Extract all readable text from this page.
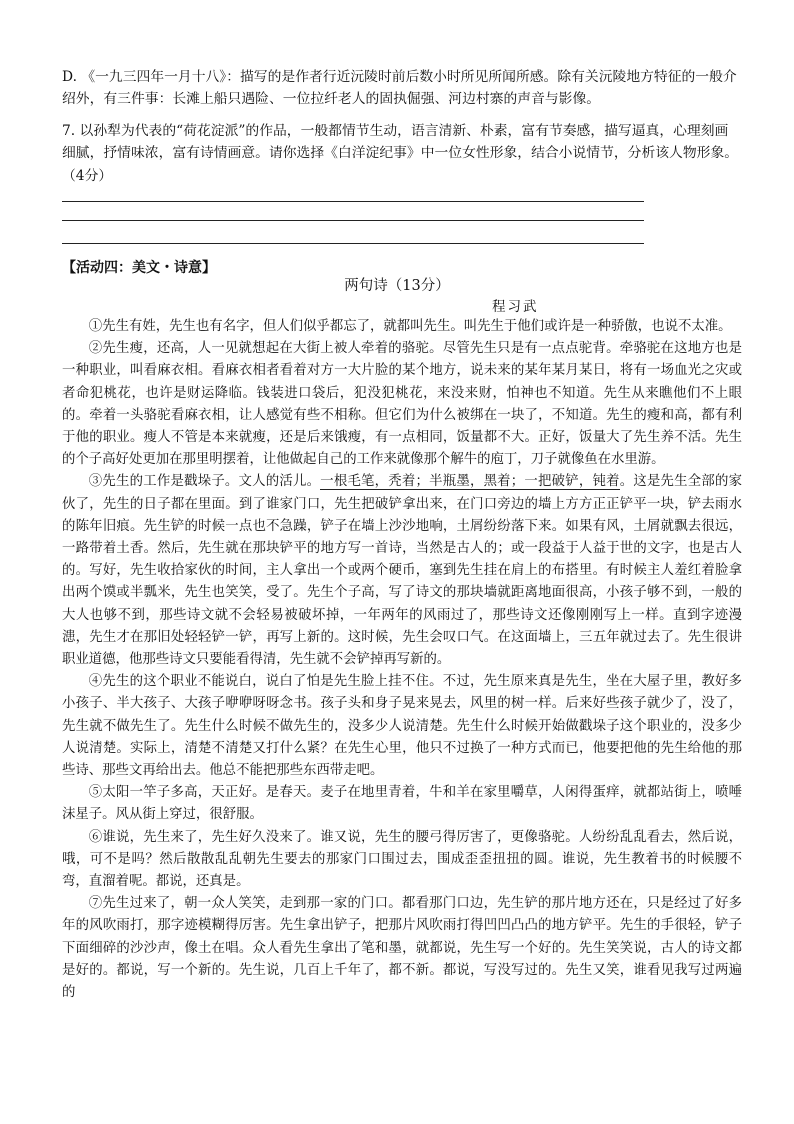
D. 《一九三四年一月十八》：描写的是作者行近沅陵时前后数小时所见所闻所感。除有关沅陵地方特征的一般介绍外，有三件事：长滩上船只遇险、一位拉纤老人的固执倔强、河边村寨的声音与影像。

7. 以孙犁为代表的“荷花淀派”的作品，一般都情节生动，语言清新、朴素，富有节奏感，描写逼真，心理刻画细腻，抒情味浓，富有诗情画意。请你选择《白洋淀纪事》中一位女性形象，结合小说情节，分析该人物形象。（4分）

【活动四：美文・诗意】
两句诗（13分）
程习武

①先生有姓，先生也有名字，但人们似乎都忘了，就都叫先生。叫先生于他们或许是一种骄傲，也说不太准。

②先生瘦，还高，人一见就想起在大街上被人牵着的骆驼。尽管先生只是有一点点驼背。牵骆驼在这地方也是一种职业，叫看麻衣相。看麻衣相者看着对方一大片脸的某个地方，说未来的某年某月某日，将有一场血光之灾或者命犯桃花，也许是财运降临。钱装进口袋后，犯没犯桃花，来没来财，怕神也不知道。先生从来瞧他们不上眼的。牵着一头骆驼看麻衣相，让人感觉有些不相称。但它们为什么被绑在一块了，不知道。先生的瘦和高，都有利于他的职业。瘦人不管是本来就瘦，还是后来饿瘦，有一点相同，饭量都不大。正好，饭量大了先生养不活。先生的个子高好处更加在那里明摆着，让他做起自己的工作来就像那个解牛的庖丁，刀子就像鱼在水里游。

③先生的工作是戳垛子。文人的活儿。一根毛笔，秃着；半瓶墨，黑着；一把破铲，钝着。这是先生全部的家伙了，先生的日子都在里面。到了谁家门口，先生把破铲拿出来，在门口旁边的墙上方方正正铲平一块，铲去雨水的陈年旧痕。先生铲的时候一点也不急躁，铲子在墙上沙沙地响，土屑纷纷落下来。如果有风，土屑就飘去很远，一路带着土香。然后，先生就在那块铲平的地方写一首诗，当然是古人的；或一段益于人益于世的文字，也是古人的。写好，先生收拾家伙的时间，主人拿出一个或两个硬币，塞到先生挂在肩上的布搭里。有时候主人羞红着脸拿出两个馍或半瓢米，先生也笑笑，受了。先生个子高，写了诗文的那块墙就距离地面很高，小孩子够不到，一般的大人也够不到，那些诗文就不会轻易被破坏掉，一年两年的风雨过了，那些诗文还像刚刚写上一样。直到字迹漫漶，先生才在那旧处轻轻铲一铲，再写上新的。这时候，先生会叹口气。在这面墙上，三五年就过去了。先生很讲职业道德，他那些诗文只要能看得清，先生就不会铲掉再写新的。

④先生的这个职业不能说白，说白了怕是先生脸上挂不住。不过，先生原来真是先生，坐在大屋子里，教好多小孩子、半大孩子、大孩子咿咿呀呀念书。孩子头和身子晃来晃去，风里的树一样。后来好些孩子就少了，没了，先生就不做先生了。先生什么时候不做先生的，没多少人说清楚。先生什么时候开始做戳垛子这个职业的，没多少人说清楚。实际上，清楚不清楚又打什么紧？在先生心里，他只不过换了一种方式而已，他要把他的先生给他的那些诗、那些文再给出去。他总不能把那些东西带走吧。

⑤太阳一竿子多高，天正好。是春天。麦子在地里青着，牛和羊在家里嚼草，人闲得蛋痒，就都站街上，喷唾沫星子。风从街上穿过，很舒服。

⑥谁说，先生来了，先生好久没来了。谁又说，先生的腰弓得厉害了，更像骆驼。人纷纷乱乱看去，然后说，哦，可不是吗？然后散散乱乱朝先生要去的那家门口围过去，围成歪歪扭扭的圆。谁说，先生教着书的时候腰不弯，直溜着呢。都说，还真是。

⑦先生过来了，朝一众人笑笑，走到那一家的门口。都看那门口边，先生铲的那片地方还在，只是经过了好多年的风吹雨打，那字迹模糊得厉害。先生拿出铲子，把那片风吹雨打得凹凹凸凸的地方铲平。先生的手很轻，铲子下面细碎的沙沙声，像土在唱。众人看先生拿出了笔和墨，就都说，先生写一个好的。先生笑笑说，古人的诗文都是好的。都说，写一个新的。先生说，几百上千年了，都不新。都说，写没写过的。先生又笑，谁看见我写过两遍的
